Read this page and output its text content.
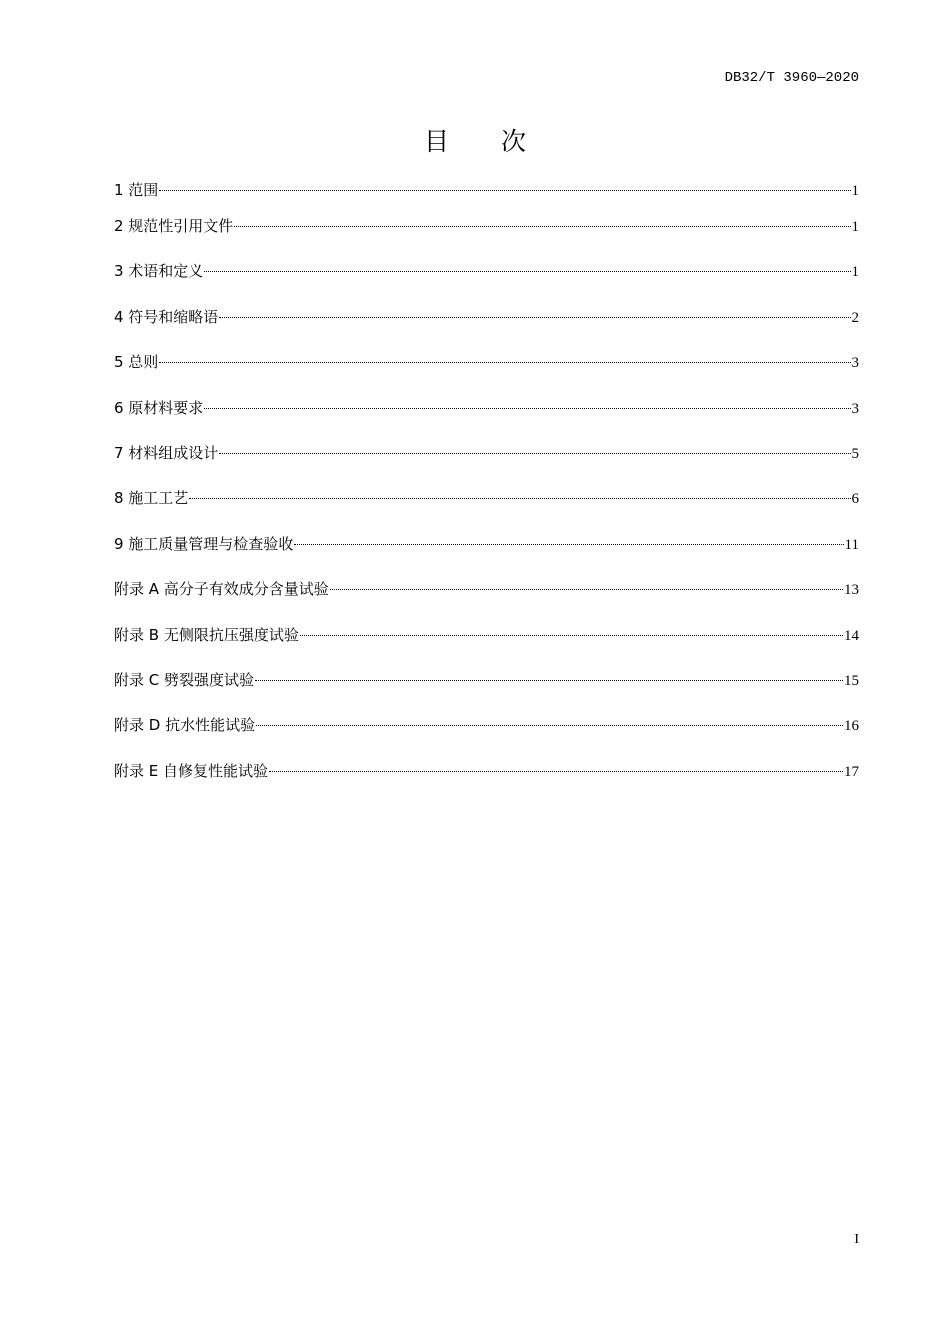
DB32/T 3960—2020
目 次
1 范围	1
2 规范性引用文件	1
3 术语和定义	1
4 符号和缩略语	2
5 总则	3
6 原材料要求	3
7 材料组成设计	5
8 施工工艺	6
9 施工质量管理与检查验收	11
附录 A 高分子有效成分含量试验	13
附录 B 无侧限抗压强度试验	14
附录 C 劈裂强度试验	15
附录 D 抗水性能试验	16
附录 E 自修复性能试验	17
I
